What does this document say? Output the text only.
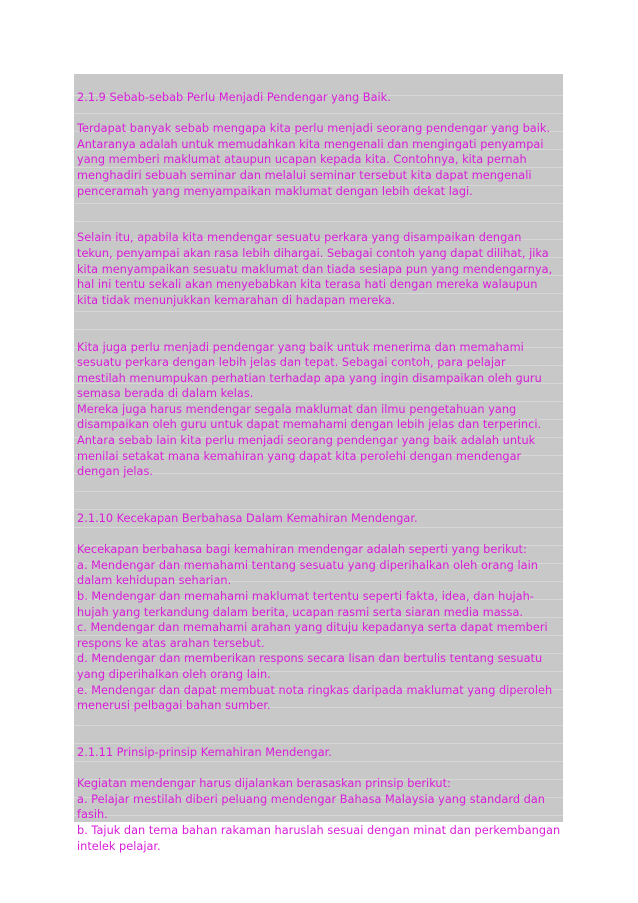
2.1.9 Sebab-sebab Perlu Menjadi Pendengar yang Baik.

Terdapat banyak sebab mengapa kita perlu menjadi seorang pendengar yang baik.
Antaranya adalah untuk memudahkan kita mengenali dan mengingati penyampai
yang memberi maklumat ataupun ucapan kepada kita. Contohnya, kita pernah
menghadiri sebuah seminar dan melalui seminar tersebut kita dapat mengenali
penceramah yang menyampaikan maklumat dengan lebih dekat lagi.

Selain itu, apabila kita mendengar sesuatu perkara yang disampaikan dengan
tekun, penyampai akan rasa lebih dihargai. Sebagai contoh yang dapat dilihat, jika
kita menyampaikan sesuatu maklumat dan tiada sesiapa pun yang mendengarnya,
hal ini tentu sekali akan menyebabkan kita terasa hati dengan mereka walaupun
kita tidak menunjukkan kemarahan di hadapan mereka.

Kita juga perlu menjadi pendengar yang baik untuk menerima dan memahami
sesuatu perkara dengan lebih jelas dan tepat. Sebagai contoh, para pelajar
mestilah menumpukan perhatian terhadap apa yang ingin disampaikan oleh guru
semasa berada di dalam kelas.
Mereka juga harus mendengar segala maklumat dan ilmu pengetahuan yang
disampaikan oleh guru untuk dapat memahami dengan lebih jelas dan terperinci.
Antara sebab lain kita perlu menjadi seorang pendengar yang baik adalah untuk
menilai setakat mana kemahiran yang dapat kita perolehi dengan mendengar
dengan jelas.

2.1.10 Kecekapan Berbahasa Dalam Kemahiran Mendengar.

Kecekapan berbahasa bagi kemahiran mendengar adalah seperti yang berikut:
a. Mendengar dan memahami tentang sesuatu yang diperihalkan oleh orang lain
dalam kehidupan seharian.
b. Mendengar dan memahami maklumat tertentu seperti fakta, idea, dan hujah-
hujah yang terkandung dalam berita, ucapan rasmi serta siaran media massa.
c. Mendengar dan memahami arahan yang dituju kepadanya serta dapat memberi
respons ke atas arahan tersebut.
d. Mendengar dan memberikan respons secara lisan dan bertulis tentang sesuatu
yang diperihalkan oleh orang lain.
e. Mendengar dan dapat membuat nota ringkas daripada maklumat yang diperoleh
menerusi pelbagai bahan sumber.

2.1.11 Prinsip-prinsip Kemahiran Mendengar.

Kegiatan mendengar harus dijalankan berasaskan prinsip berikut:
a. Pelajar mestilah diberi peluang mendengar Bahasa Malaysia yang standard dan
fasih.
b. Tajuk dan tema bahan rakaman haruslah sesuai dengan minat dan perkembangan
intelek pelajar.
